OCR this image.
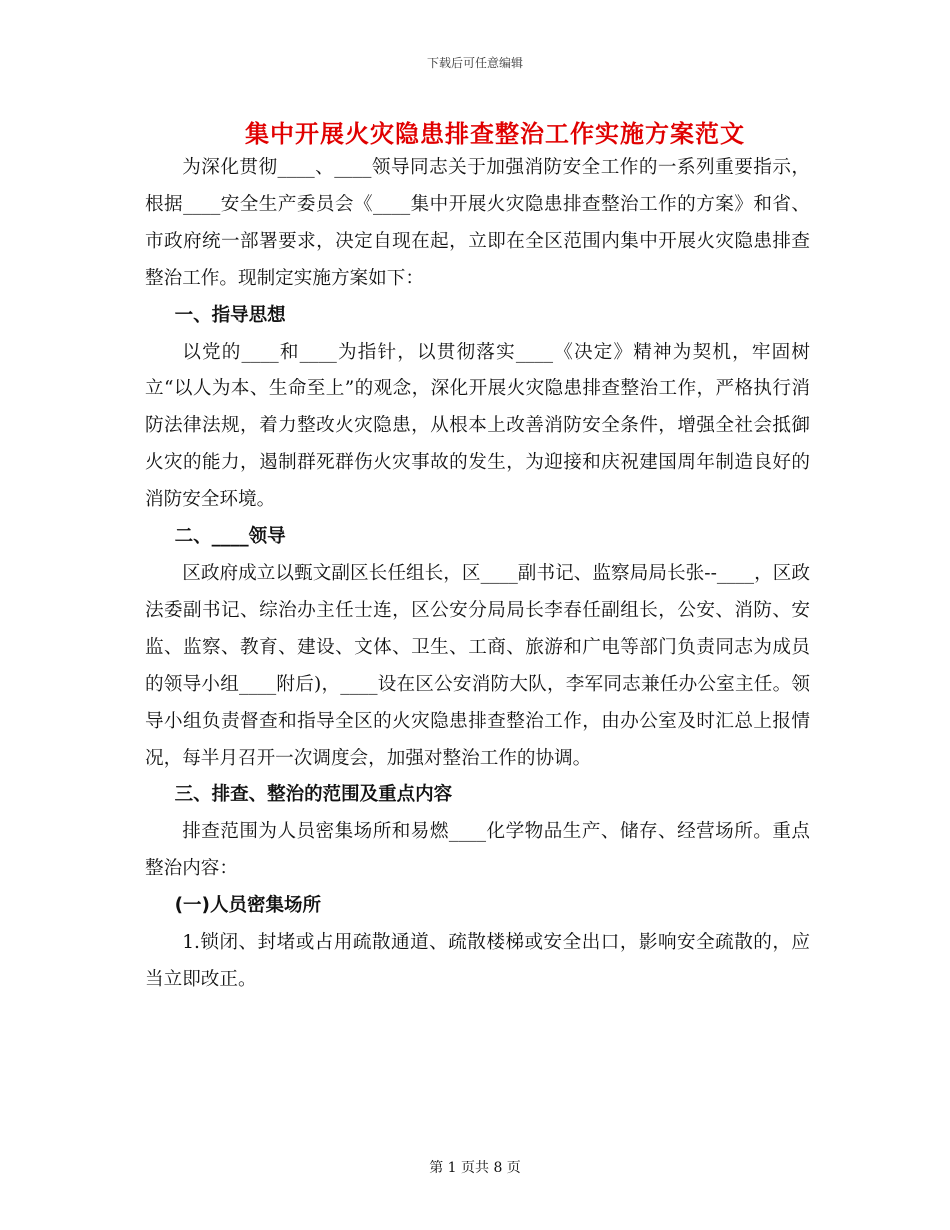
下载后可任意编辑
集中开展火灾隐患排查整治工作实施方案范文

为深化贯彻____、____领导同志关于加强消防安全工作的一系列重要指示，根据____安全生产委员会《____集中开展火灾隐患排查整治工作的方案》和省、市政府统一部署要求，决定自现在起，立即在全区范围内集中开展火灾隐患排查整治工作。现制定实施方案如下：

一、指导思想

以党的____和____为指针，以贯彻落实____《决定》精神为契机，牢固树立“以人为本、生命至上”的观念，深化开展火灾隐患排查整治工作，严格执行消防法律法规，着力整改火灾隐患，从根本上改善消防安全条件，增强全社会抵御火灾的能力，遏制群死群伤火灾事故的发生，为迎接和庆祝建国周年制造良好的消防安全环境。

二、____领导

区政府成立以甄文副区长任组长，区____副书记、监察局局长张--____，区政法委副书记、综治办主任士连，区公安分局局长李春任副组长，公安、消防、安监、监察、教育、建设、文体、卫生、工商、旅游和广电等部门负责同志为成员的领导小组____附后)，____设在区公安消防大队，李军同志兼任办公室主任。领导小组负责督查和指导全区的火灾隐患排查整治工作，由办公室及时汇总上报情况，每半月召开一次调度会，加强对整治工作的协调。

三、排查、整治的范围及重点内容

排查范围为人员密集场所和易燃____化学物品生产、储存、经营场所。重点整治内容：

(一)人员密集场所

1.锁闭、封堵或占用疏散通道、疏散楼梯或安全出口，影响安全疏散的，应当立即改正。

第 1 页共 8 页
